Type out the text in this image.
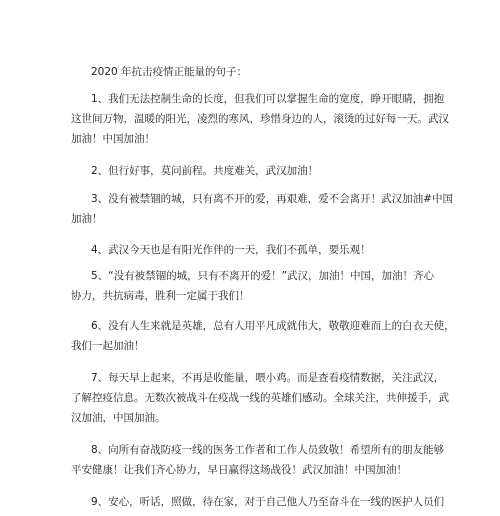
2020 年抗击疫情正能量的句子：
1、我们无法控制生命的长度，但我们可以掌握生命的宽度，睁开眼睛，拥抱
这世间万物，温暖的阳光，凌烈的寒风，珍惜身边的人，滚烫的过好每一天。武汉
加油！中国加油！
2、但行好事，莫问前程。共度难关，武汉加油！
3、没有被禁锢的城，只有离不开的爱，再艰难，爱不会离开！武汉加油#中国
加油！
4、武汉今天也是有阳光作伴的一天，我们不孤单，要乐观！
5、“没有被禁锢的城，只有不离开的爱！”武汉，加油！中国，加油！齐心
协力，共抗病毒，胜利一定属于我们！
6、没有人生来就是英雄，总有人用平凡成就伟大，敬敬迎难而上的白衣天使，
我们一起加油！
7、每天早上起来，不再是收能量，喂小鸡。而是查看疫情数据，关注武汉，
了解控疫信息。无数次被战斗在疫战一线的英雄们感动。全球关注，共伸援手，武
汉加油，中国加油。
8、向所有奋战防疫一线的医务工作者和工作人员致敬！希望所有的朋友能够
平安健康！让我们齐心协力，早日赢得这场战役！武汉加油！中国加油！
9、安心，听话，照做，待在家，对于自己他人乃至奋斗在一线的医护人员们
